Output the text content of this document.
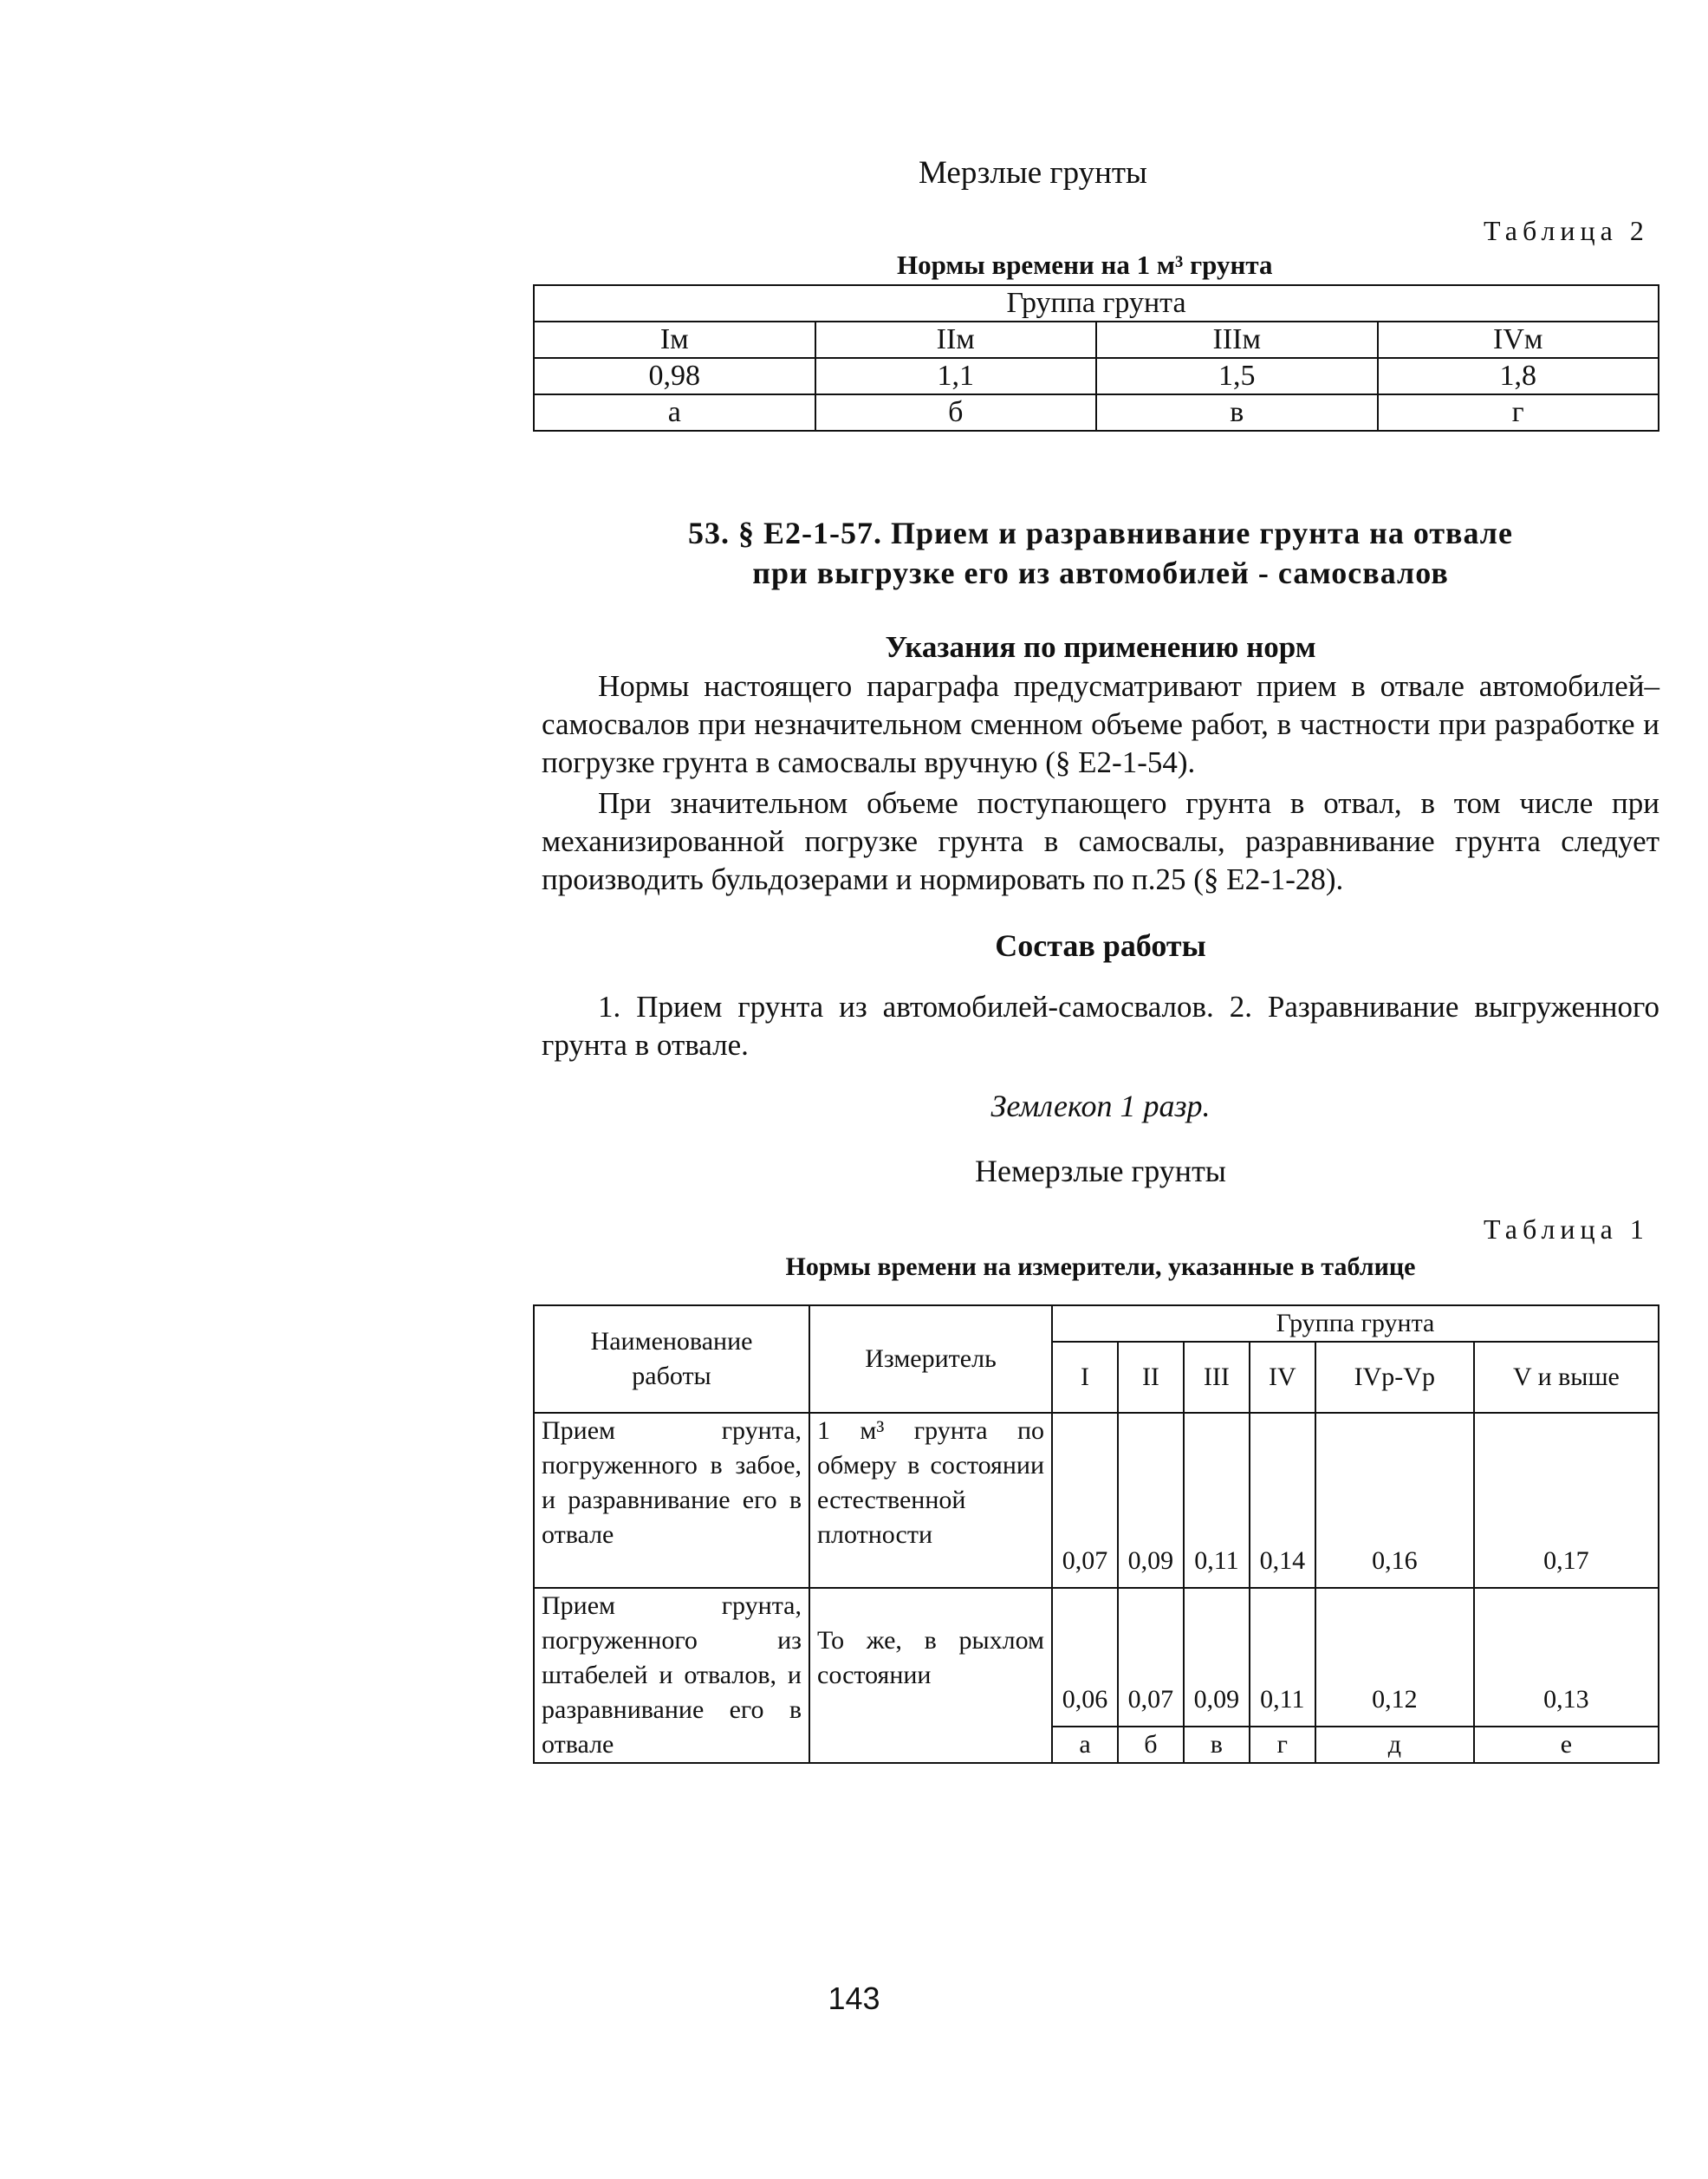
Мерзлые грунты
Таблица 2
Нормы времени на 1 м³ грунта
Группа грунта			
Iм	IIм	IIIм	IVм
0,98	1,1	1,5	1,8
а	б	в	г
53. § Е2-1-57. Прием и разравнивание грунта на отвале
при выгрузке его из автомобилей - самосвалов
Указания по применению норм
Нормы настоящего параграфа предусматривают прием в отвале автомобилей–самосвалов при незначительном сменном объеме работ, в частности при разработке и погрузке грунта в самосвалы вручную (§ Е2-1-54).
При значительном объеме поступающего грунта в отвал, в том числе при механизированной погрузке грунта в самосвалы, разравнивание грунта следует производить бульдозерами и нормировать по п.25 (§ Е2-1-28).
Состав работы
1. Прием грунта из автомобилей-самосвалов. 2. Разравнивание выгруженного грунта в отвале.
Землекоп 1 разр.
Немерзлые грунты
Таблица 1
Нормы времени на измерители, указанные в таблице
Наименование работы	Измеритель	Группа грунта					
		I	II	III	IV	IVр-Vр	V и выше
Прием грунта, погруженного в забое, и разравнивание его в отвале	1 м³ грунта по обмеру в состоянии естественной плотности	0,07	0,09	0,11	0,14	0,16	0,17
Прием грунта, погруженного из штабелей и отвалов, и разравнивание его в отвале	То же, в рыхлом состоянии	0,06	0,07	0,09	0,11	0,12	0,13
		а	б	в	г	д	е
143
